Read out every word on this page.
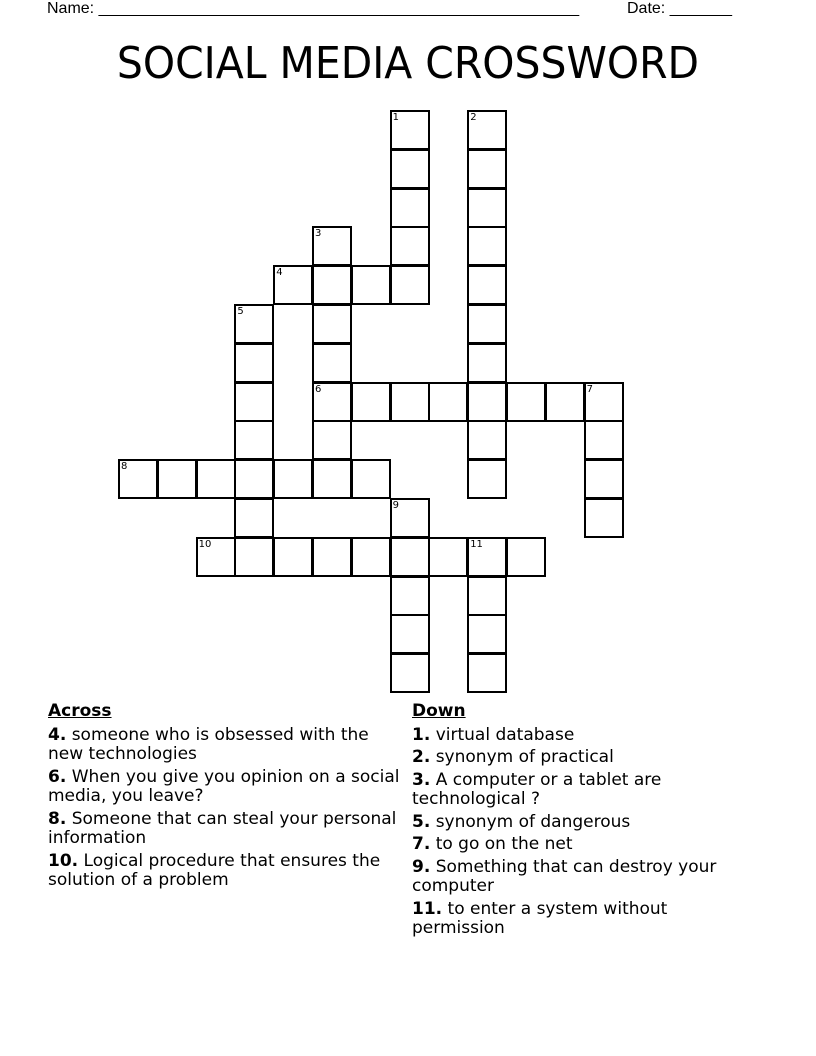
Name: ______________________________________________________	Date: _______
SOCIAL MEDIA CROSSWORD
1	2
3
6
4
5
7
8
9
10	11
Across
4. someone who is obsessed with the new technologies
6. When you give you opinion on a social media, you leave?
8. Someone that can steal your personal information
10. Logical procedure that ensures the solution of a problem
Down
1. virtual database
2. synonym of practical
3. A computer or a tablet are technological ?
5. synonym of dangerous
7. to go on the net
9. Something that can destroy your computer
11. to enter a system without permission
